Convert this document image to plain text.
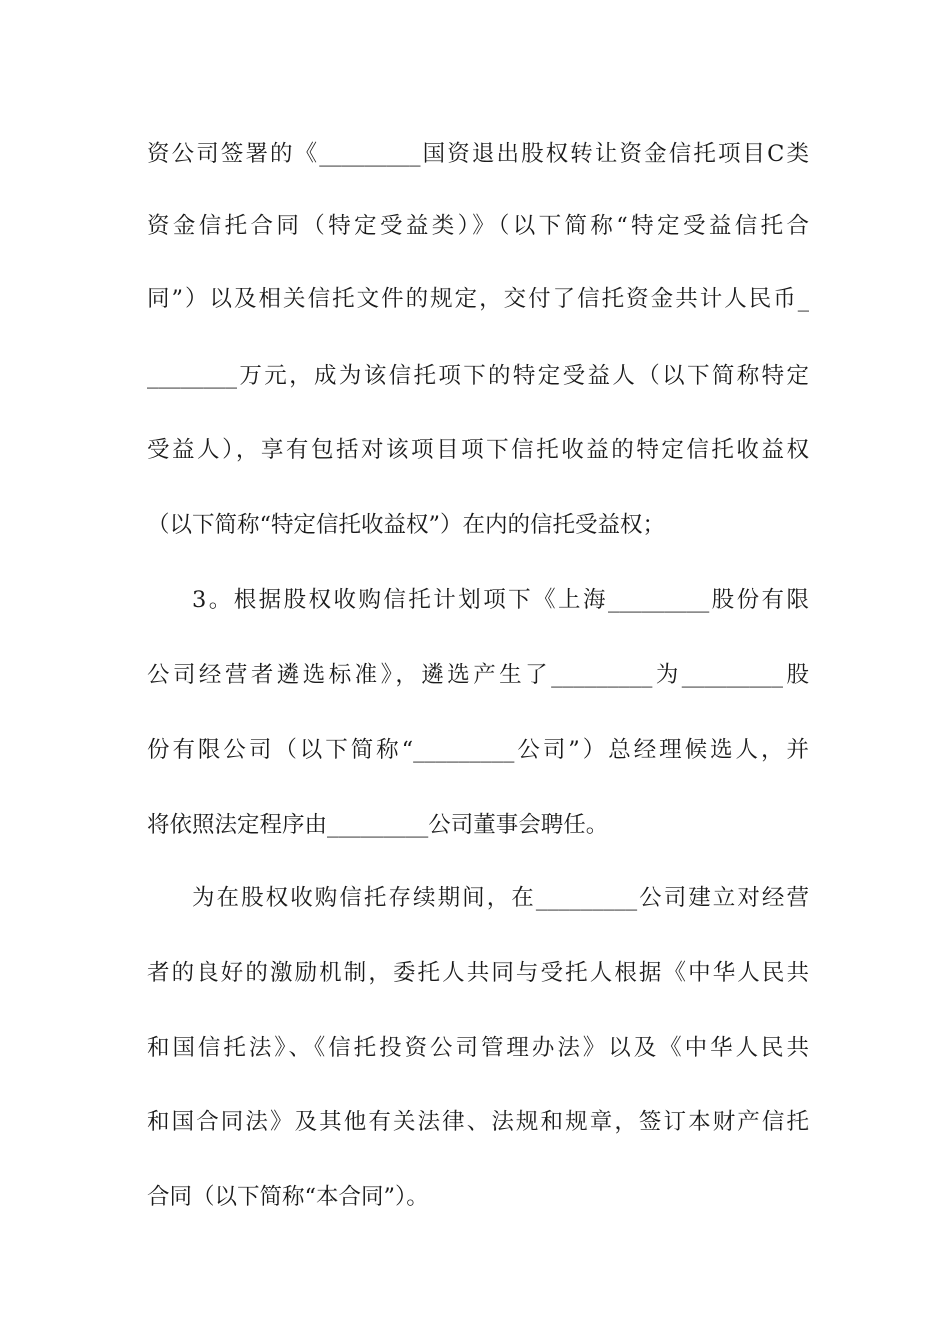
资公司签署的《_________国资退出股权转让资金信托项目C类
资金信托合同（特定受益类）》（以下简称“特定受益信托合
同”）以及相关信托文件的规定，交付了信托资金共计人民币_
________万元，成为该信托项下的特定受益人（以下简称特定
受益人），享有包括对该项目项下信托收益的特定信托收益权
（以下简称“特定信托收益权”）在内的信托受益权；
3。根据股权收购信托计划项下《上海_________股份有限
公司经营者遴选标准》，遴选产生了_________为_________股
份有限公司（以下简称“_________公司”）总经理候选人，并
将依照法定程序由_________公司董事会聘任。
为在股权收购信托存续期间，在_________公司建立对经营
者的良好的激励机制，委托人共同与受托人根据《中华人民共
和国信托法》、《信托投资公司管理办法》以及《中华人民共
和国合同法》及其他有关法律、法规和规章，签订本财产信托
合同（以下简称“本合同”）。
